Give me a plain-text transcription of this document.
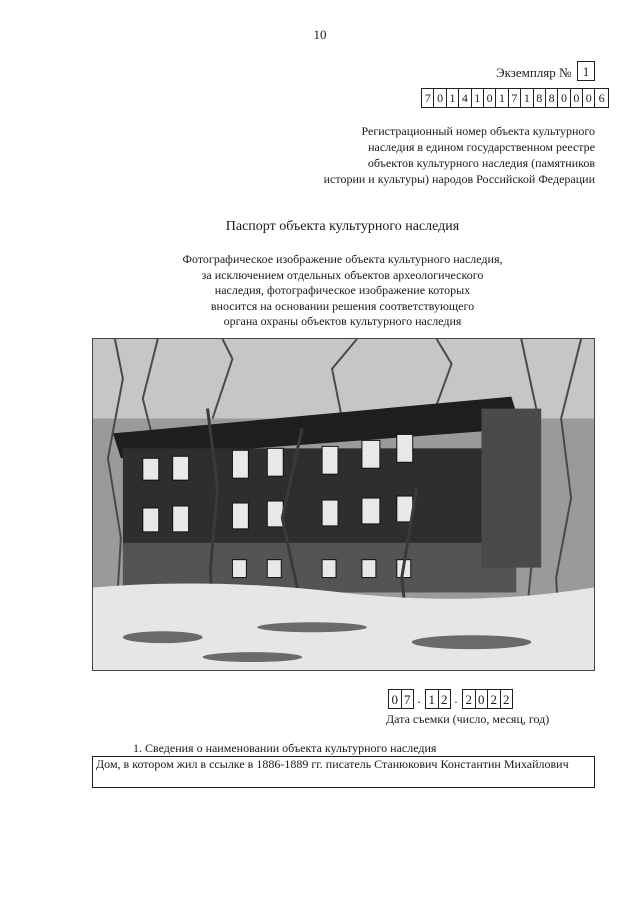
10
Экземпляр № 1
7 0 1 4 1 0 1 7 1 8 8 0 0 0 6
Регистрационный номер объекта культурного
наследия в едином государственном реестре
объектов культурного наследия (памятников
истории и культуры) народов Российской Федерации
Паспорт объекта культурного наследия
Фотографическое изображение объекта культурного наследия,
за исключением отдельных объектов археологического
наследия, фотографическое изображение которых
вносится на основании решения соответствующего
органа охраны объектов культурного наследия
0 7 . 1 2 . 2 0 2 2
Дата съемки (число, месяц, год)
1. Сведения о наименовании объекта культурного наследия
Дом, в котором жил в ссылке в 1886-1889 гг. писатель Станюкович Константин Михайлович
